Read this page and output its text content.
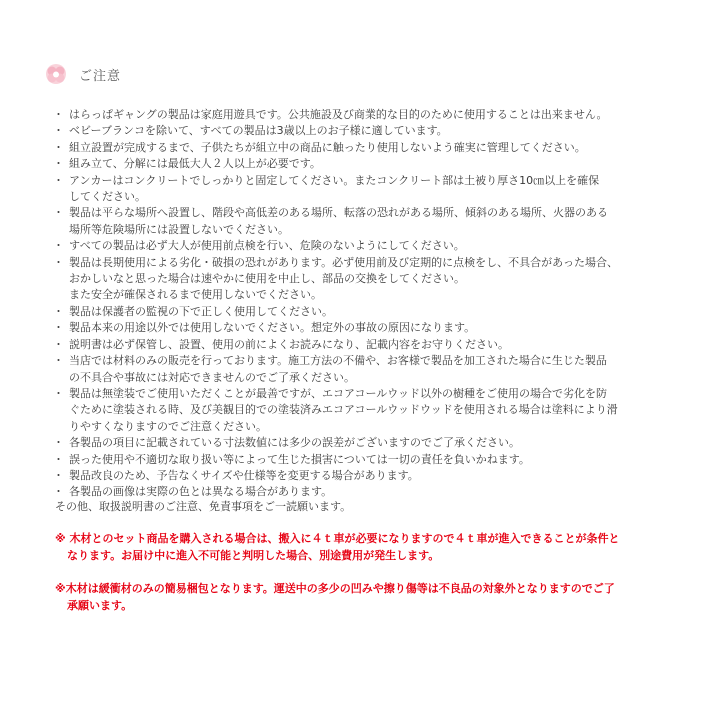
ご注意
・ はらっぱギャングの製品は家庭用遊具です。公共施設及び商業的な目的のために使用することは出来ません。
・ ベビーブランコを除いて、すべての製品は3歳以上のお子様に適しています。
・ 組立設置が完成するまで、子供たちが組立中の商品に触ったり使用しないよう確実に管理してください。
・ 組み立て、分解には最低大人２人以上が必要です。
・ アンカーはコンクリートでしっかりと固定してください。またコンクリート部は土被り厚さ10㎝以上を確保
してください。
・ 製品は平らな場所へ設置し、階段や高低差のある場所、転落の恐れがある場所、傾斜のある場所、火器のある
場所等危険場所には設置しないでください。
・ すべての製品は必ず大人が使用前点検を行い、危険のないようにしてください。
・ 製品は長期使用による劣化・破損の恐れがあります。必ず使用前及び定期的に点検をし、不具合があった場合、
おかしいなと思った場合は速やかに使用を中止し、部品の交換をしてください。
また安全が確保されるまで使用しないでください。
・ 製品は保護者の監視の下で正しく使用してください。
・ 製品本来の用途以外では使用しないでください。想定外の事故の原因になります。
・ 説明書は必ず保管し、設置、使用の前によくお読みになり、記載内容をお守りください。
・ 当店では材料のみの販売を行っております。施工方法の不備や、お客様で製品を加工された場合に生じた製品
の不具合や事故には対応できませんのでご了承ください。
・ 製品は無塗装でご使用いただくことが最善ですが、エコアコールウッド以外の樹種をご使用の場合で劣化を防
ぐために塗装される時、及び美観目的での塗装済みエコアコールウッドウッドを使用される場合は塗料により滑
りやすくなりますのでご注意ください。
・ 各製品の項目に記載されている寸法数値には多少の誤差がございますのでご了承ください。
・ 誤った使用や不適切な取り扱い等によって生じた損害については一切の責任を負いかねます。
・ 製品改良のため、予告なくサイズや仕様等を変更する場合があります。
・ 各製品の画像は実際の色とは異なる場合があります。
その他、取扱説明書のご注意、免責事項をご一読願います。

※ 木材とのセット商品を購入される場合は、搬入に４ｔ車が必要になりますので４ｔ車が進入できることが条件と
なります。お届け中に進入不可能と判明した場合、別途費用が発生します。

※木材は緩衝材のみの簡易梱包となります。運送中の多少の凹みや擦り傷等は不良品の対象外となりますのでご了
承願います。
